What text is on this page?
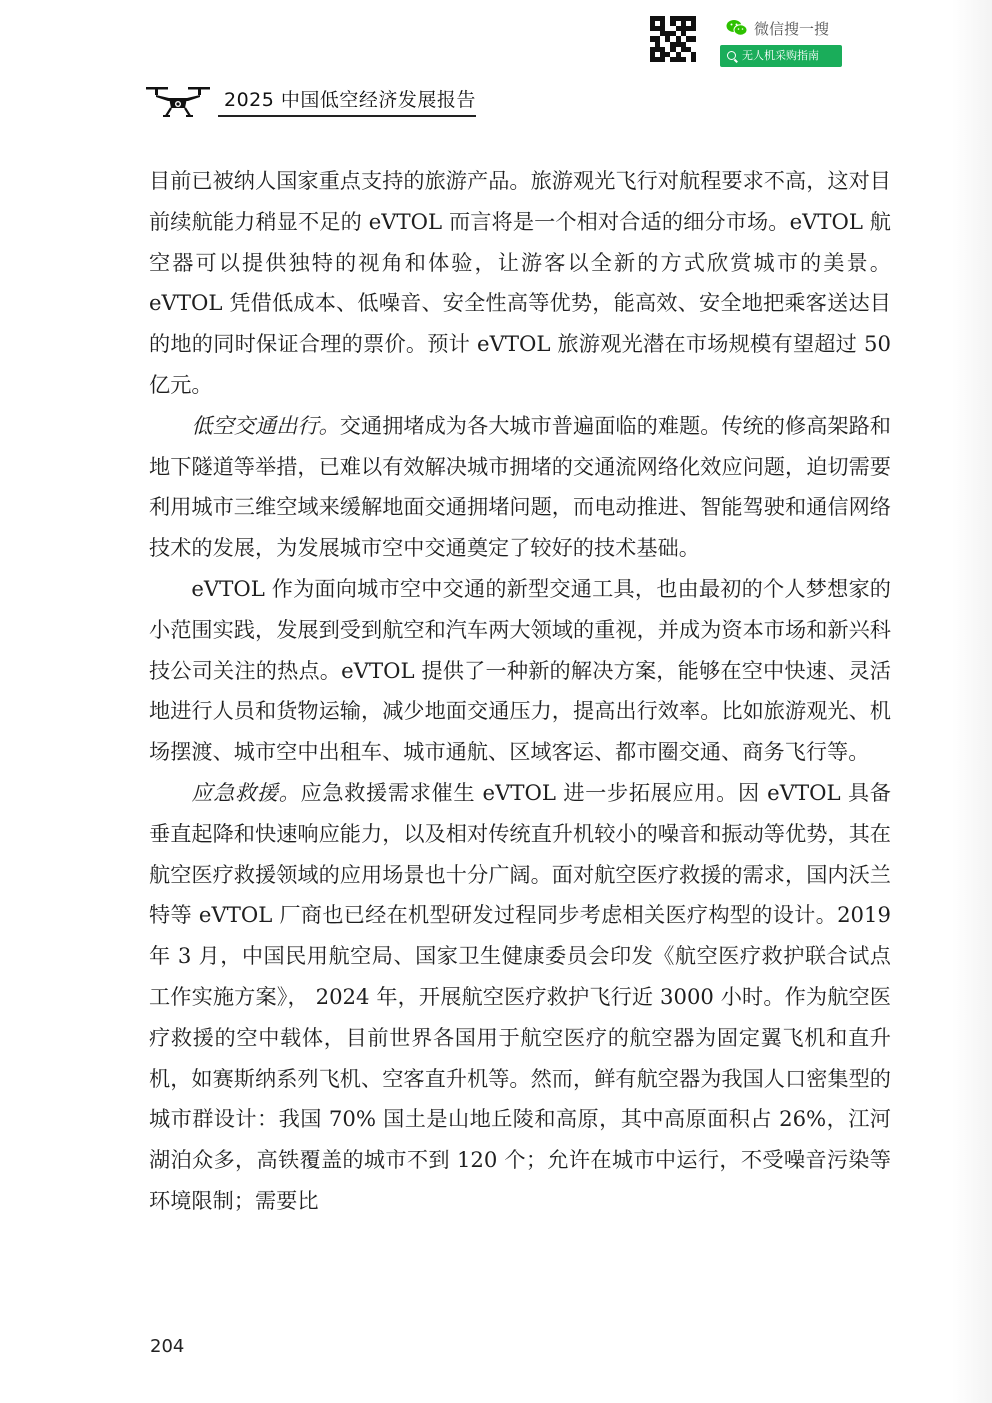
微信搜一搜
无人机采购指南
2025 中国低空经济发展报告

目前已被纳人国家重点支持的旅游产品。旅游观光飞行对航程要求不高，这对目前续航能力稍显不足的 eVTOL 而言将是一个相对合适的细分市场。eVTOL 航空器可以提供独特的视角和体验，让游客以全新的方式欣赏城市的美景。eVTOL 凭借低成本、低噪音、安全性高等优势，能高效、安全地把乘客送达目的地的同时保证合理的票价。预计 eVTOL 旅游观光潜在市场规模有望超过 50 亿元。

低空交通出行。交通拥堵成为各大城市普遍面临的难题。传统的修高架路和地下隧道等举措，已难以有效解决城市拥堵的交通流网络化效应问题，迫切需要利用城市三维空域来缓解地面交通拥堵问题，而电动推进、智能驾驶和通信网络技术的发展，为发展城市空中交通奠定了较好的技术基础。

eVTOL 作为面向城市空中交通的新型交通工具，也由最初的个人梦想家的小范围实践，发展到受到航空和汽车两大领域的重视，并成为资本市场和新兴科技公司关注的热点。eVTOL 提供了一种新的解决方案，能够在空中快速、灵活地进行人员和货物运输，减少地面交通压力，提高出行效率。比如旅游观光、机场摆渡、城市空中出租车、城市通航、区域客运、都市圈交通、商务飞行等。

应急救援。应急救援需求催生 eVTOL 进一步拓展应用。因 eVTOL 具备垂直起降和快速响应能力，以及相对传统直升机较小的噪音和振动等优势，其在航空医疗救援领域的应用场景也十分广阔。面对航空医疗救援的需求，国内沃兰特等 eVTOL 厂商也已经在机型研发过程同步考虑相关医疗构型的设计。2019 年 3 月，中国民用航空局、国家卫生健康委员会印发《航空医疗救护联合试点工作实施方案》， 2024 年，开展航空医疗救护飞行近 3000 小时。作为航空医疗救援的空中载体，目前世界各国用于航空医疗的航空器为固定翼飞机和直升机，如赛斯纳系列飞机、空客直升机等。然而，鲜有航空器为我国人口密集型的城市群设计：我国 70% 国土是山地丘陵和高原，其中高原面积占 26%，江河湖泊众多，高铁覆盖的城市不到 120 个；允许在城市中运行，不受噪音污染等环境限制；需要比

204
